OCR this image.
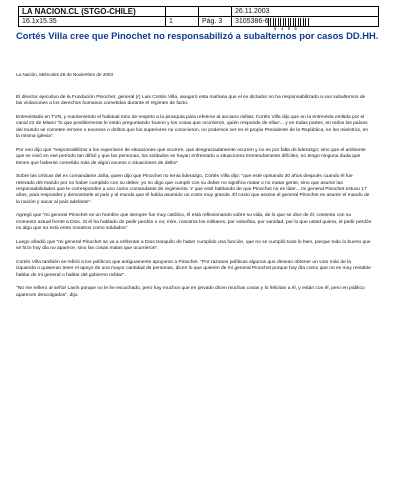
LA NACION.CL (STGO-CHILE)			26.11.2003
16.1x15.35	1	Pág. 3	3105386-6
0 3 8 6
Cortés Villa cree que Pinochet no responsabilizó a subalternos por casos DD.HH.

La Nación, Miércoles 26 de Noviembre de 2003

El director ejecutivo de la Fundación Pinochet, general (r) Luis Cortés Villa, aseguró esta mañana que el ex dictador no ha responsabilizado a sus subalternos de las violaciones a los derechos humanos cometidas durante el régimen de facto.

Entrevistado en TVN, y manteniendo el habitual tono de respeto a la jerarquía para referirse al anciano militar, Cortés Villa dijo que en la entrevista emitida por el canal 22 de Miami "lo que posiblemente le están preguntando 'bueno y los cosas que ocurrieron, quién responde de ellas'... y en todas partes, en todos los países del mundo se cometen errores o excesos o delitos que los superiores no conocieron, no podemos ver en el propio Presidente de la República, en los ministros, en la misma iglesia".

Por eso dijo que "responsabilizar a los superiores de situaciones que ocurren, que desgraciadamente ocurren y no es por falta de liderazgo; sino que el ambiente que se vivió en ese período tan difícil y que las personas, los soldados se hayan enfrentado a situaciones tremendamente difíciles, no tengo ninguna duda que tienen que haberse cometido más de algún exceso o situaciones de delito".

Sobre las críticas del ex comandante Jaña, quien dijo que Pinochet no tenía liderazgo, Cortés Villa dijo: "que esté opinando 30 años después cuando él fue relevado del mando por no haber cumplido con su deber, yo no digo que cumplir con su deber no significa matar o no matar gente, sino que asumir las responsabilidades que le corresponden a uno como comandante de regimiento. Y que esté hablando de que Pinochet no es líder... mi general Pinochet estuvo 17 años, para responder y demostrarle al país y al mundo que él había asumido un costo muy grande. El costo que asume el general Pinochet es asumir el mando de la nación y sacar al país adelante".

Agregó que "mi general Pinochet es un hombre que siempre fue muy católico, él está reflexionando sobre su vida, de lo que se dice de él, contento con su momento actual frente a Dios. Si él ha hablado de pedir perdón o no, mire, nosotros los militares, por soberbia, por vanidad, por lo que usted quiera, el pedir perdón es algo que no está entre nosotros como soldados".

Luego añadió que "mi general Pinochet se va a enfrentar a Dios tranquilo de haber cumplido una función, que no se cumplió todo lo bien, porque todo lo bueno que se hizo hoy día no aparece, sino las cosas malas que ocurrieron".

Cortés Villa también se refirió a los políticos que antiguamente apoyaron a Pinochet. "Por razones políticas algunos que desean obtener un voto más de la izquierda o quisieran tener el apoyo de una mayor cantidad de personas, dicen lo que quieren de mi general Pinochet porque hoy día como que no es muy rentable hablar de mi general o hablar del gobierno militar".

"No me refiero al señor Lavín porque no le he escuchado, pero hay muchos que en privado dicen muchas cosas y lo felicitan a él, y están con él, pero en público aparecen descolgados", dijo.
